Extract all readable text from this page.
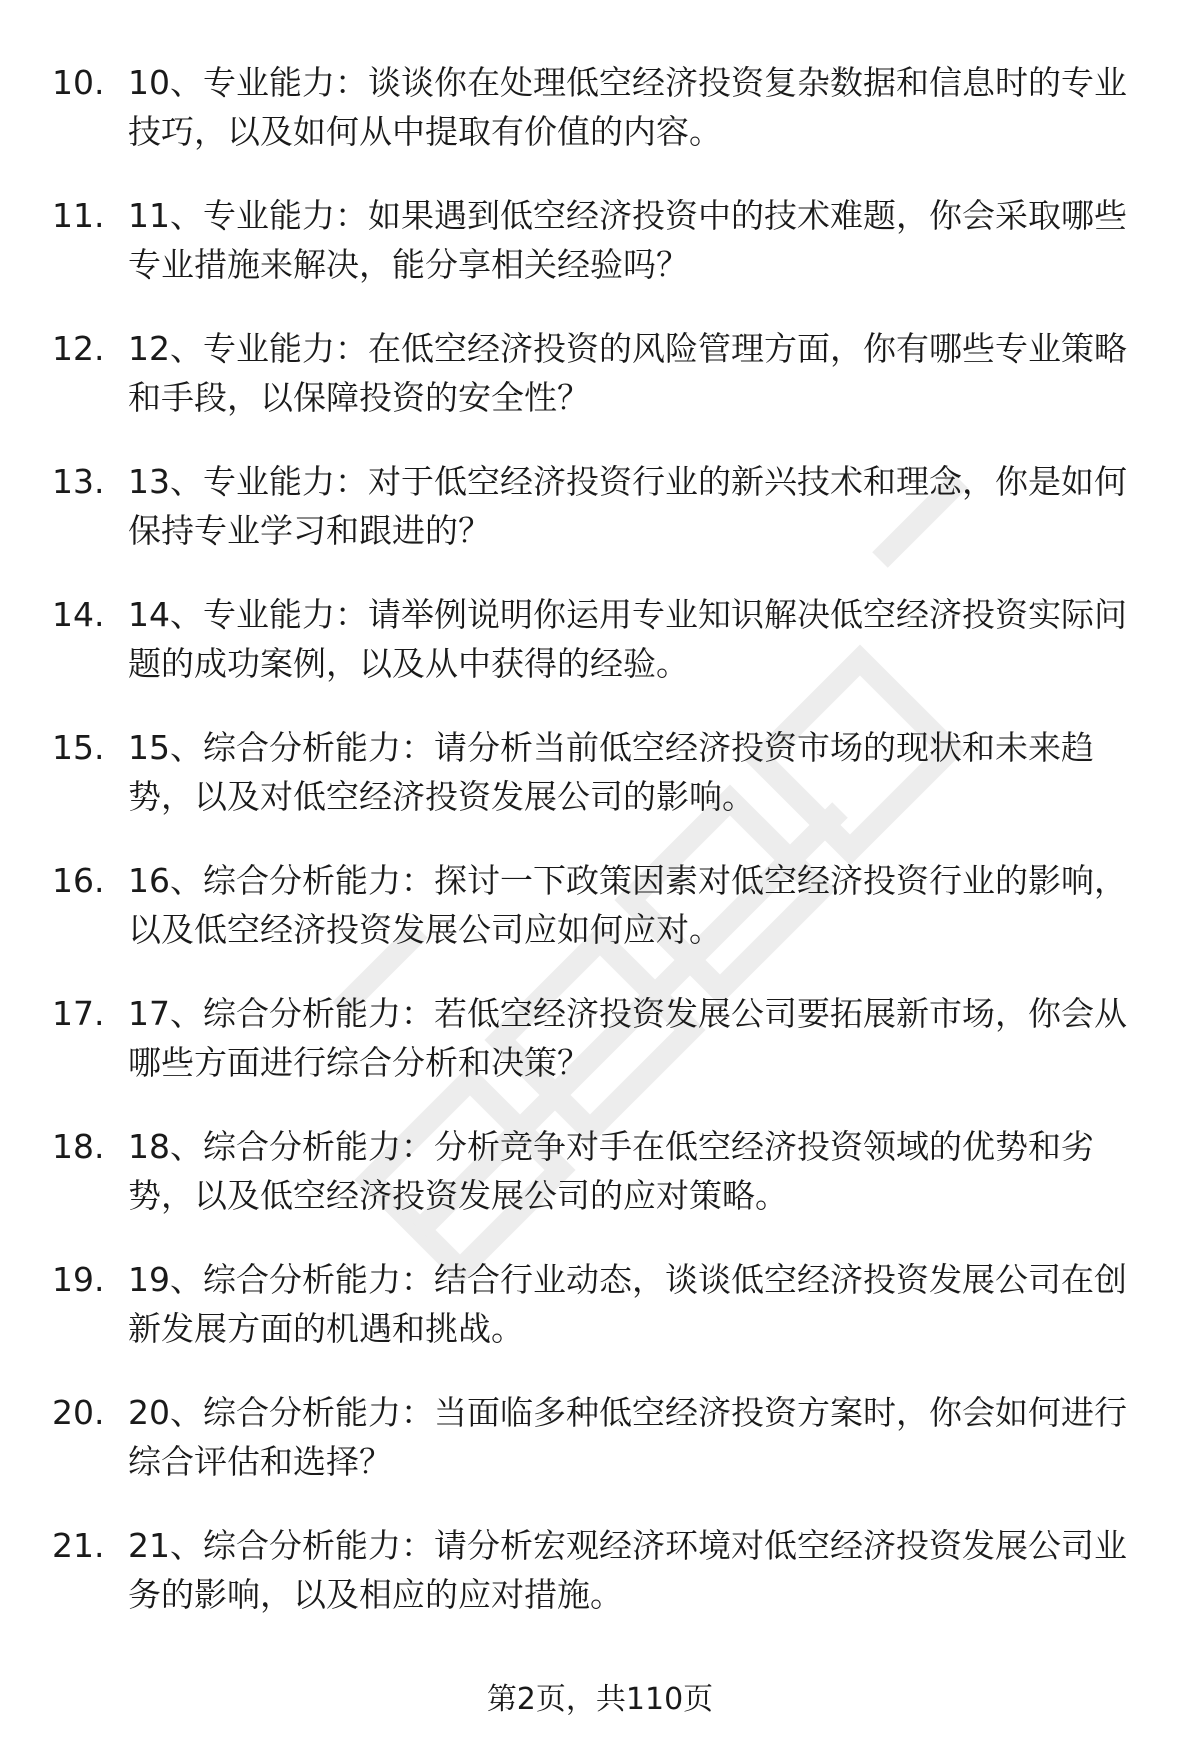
10. 10、专业能力：谈谈你在处理低空经济投资复杂数据和信息时的专业技巧，以及如何从中提取有价值的内容。
11. 11、专业能力：如果遇到低空经济投资中的技术难题，你会采取哪些专业措施来解决，能分享相关经验吗？
12. 12、专业能力：在低空经济投资的风险管理方面，你有哪些专业策略和手段，以保障投资的安全性？
13. 13、专业能力：对于低空经济投资行业的新兴技术和理念，你是如何保持专业学习和跟进的？
14. 14、专业能力：请举例说明你运用专业知识解决低空经济投资实际问题的成功案例，以及从中获得的经验。
15. 15、综合分析能力：请分析当前低空经济投资市场的现状和未来趋势，以及对低空经济投资发展公司的影响。
16. 16、综合分析能力：探讨一下政策因素对低空经济投资行业的影响，以及低空经济投资发展公司应如何应对。
17. 17、综合分析能力：若低空经济投资发展公司要拓展新市场，你会从哪些方面进行综合分析和决策？
18. 18、综合分析能力：分析竞争对手在低空经济投资领域的优势和劣势，以及低空经济投资发展公司的应对策略。
19. 19、综合分析能力：结合行业动态，谈谈低空经济投资发展公司在创新发展方面的机遇和挑战。
20. 20、综合分析能力：当面临多种低空经济投资方案时，你会如何进行综合评估和选择？
21. 21、综合分析能力：请分析宏观经济环境对低空经济投资发展公司业务的影响，以及相应的应对措施。
第2页，共110页
